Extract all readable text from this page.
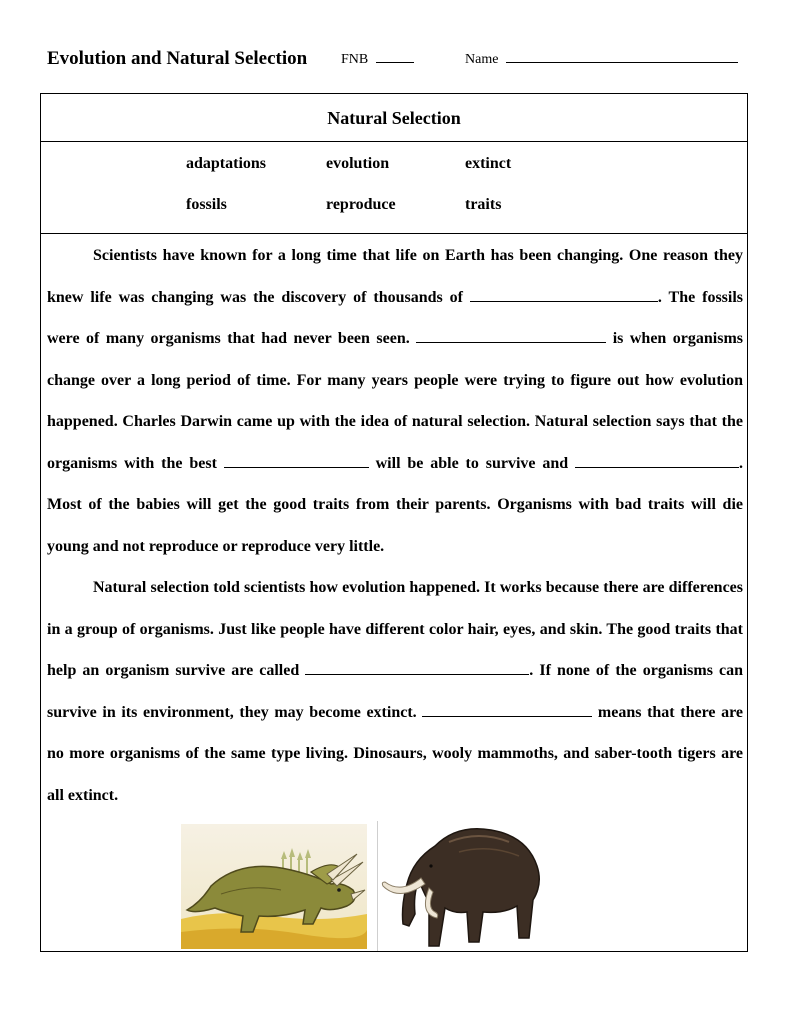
Evolution and Natural Selection FNB	Name
Natural Selection
adaptations	evolution	extinct
fossils	reproduce	traits

Scientists have known for a long time that life on Earth has been changing. One reason they knew life was changing was the discovery of thousands of	. The fossils were of many organisms that had never been seen.	is when organisms change over a long period of time. For many years people were trying to figure out how evolution happened. Charles Darwin came up with the idea of natural selection. Natural selection says that the organisms with the best	will be able to survive and	. Most of the babies will get the good traits from their parents. Organisms with bad traits will die young and not reproduce or reproduce very little.

Natural selection told scientists how evolution happened. It works because there are differences in a group of organisms. Just like people have different color hair, eyes, and skin. The good traits that help an organism survive are called	. If none of the organisms can survive in its environment, they may become extinct.	means that there are no more organisms of the same type living. Dinosaurs, wooly mammoths, and saber-tooth tigers are all extinct.
